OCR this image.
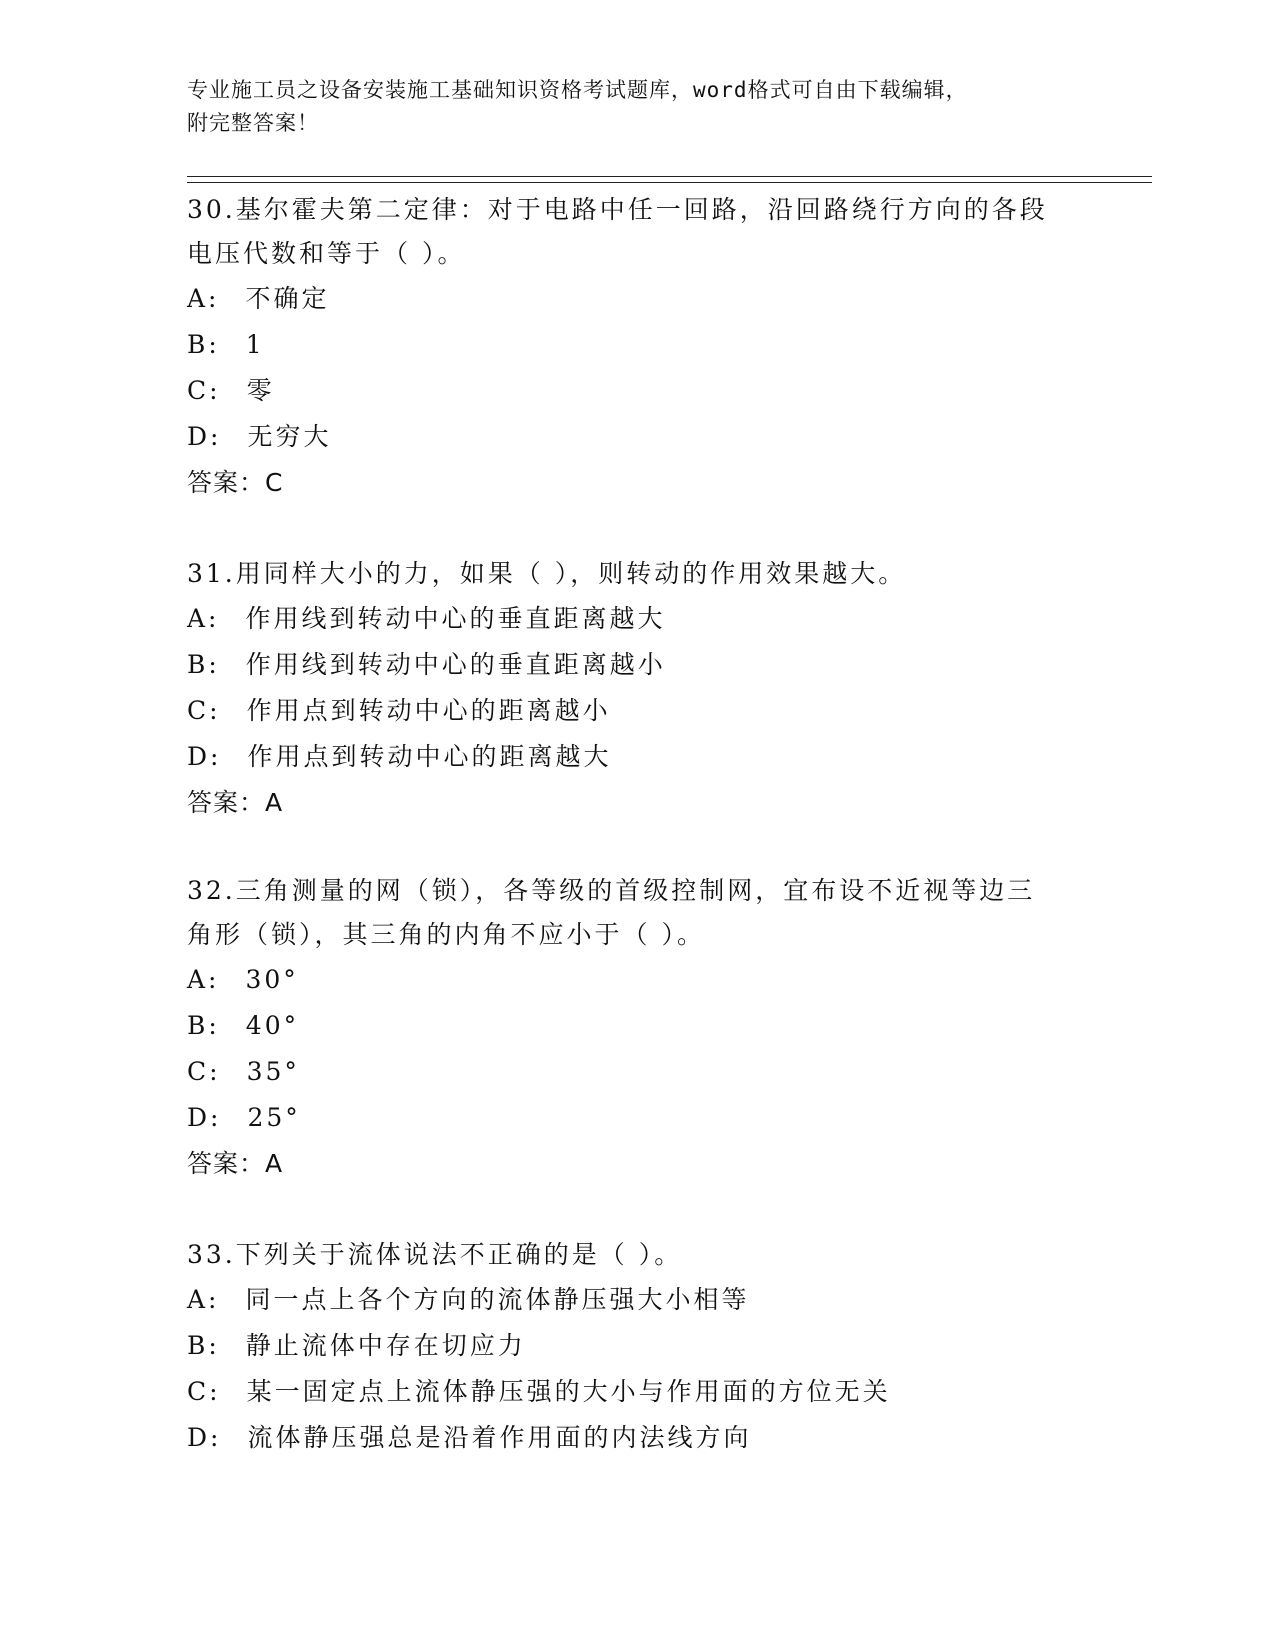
专业施工员之设备安装施工基础知识资格考试题库，word格式可自由下载编辑，
附完整答案！

30.基尔霍夫第二定律：对于电路中任一回路，沿回路绕行方向的各段

电压代数和等于（ ）。

A: 不确定

B: 1

C: 零

D: 无穷大

答案：C

31.用同样大小的力，如果（ ），则转动的作用效果越大。

A: 作用线到转动中心的垂直距离越大

B: 作用线到转动中心的垂直距离越小

C: 作用点到转动中心的距离越小

D: 作用点到转动中心的距离越大

答案：A

32.三角测量的网（锁），各等级的首级控制网，宜布设不近视等边三

角形（锁），其三角的内角不应小于（ ）。

A: 30°

B: 40°

C: 35°

D: 25°

答案：A

33.下列关于流体说法不正确的是（ ）。

A: 同一点上各个方向的流体静压强大小相等

B: 静止流体中存在切应力

C: 某一固定点上流体静压强的大小与作用面的方位无关

D: 流体静压强总是沿着作用面的内法线方向
